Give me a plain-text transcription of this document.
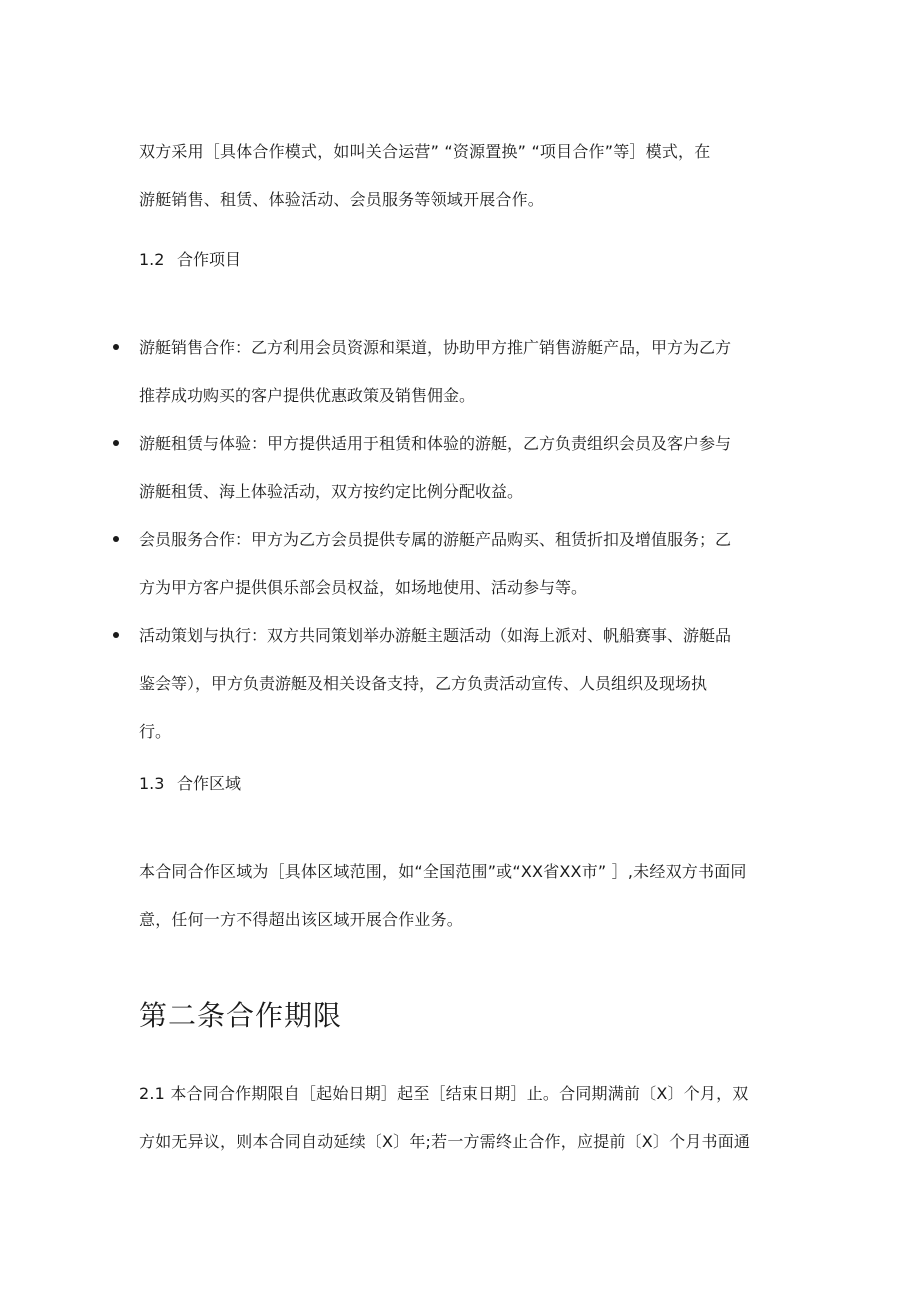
双方采用［具体合作模式，如叫关合运营” “资源置换” “项目合作”等］模式，在
游艇销售、租赁、体验活动、会员服务等领域开展合作。

1.2 合作项目

游艇销售合作：乙方利用会员资源和渠道，协助甲方推广销售游艇产品，甲方为乙方
推荐成功购买的客户提供优惠政策及销售佣金。
游艇租赁与体验：甲方提供适用于租赁和体验的游艇，乙方负责组织会员及客户参与
游艇租赁、海上体验活动，双方按约定比例分配收益。
会员服务合作：甲方为乙方会员提供专属的游艇产品购买、租赁折扣及增值服务；乙
方为甲方客户提供俱乐部会员权益，如场地使用、活动参与等。
活动策划与执行：双方共同策划举办游艇主题活动（如海上派对、帆船赛事、游艇品
鉴会等），甲方负责游艇及相关设备支持，乙方负责活动宣传、人员组织及现场执
行。

1.3 合作区域

本合同合作区域为［具体区域范围，如“全国范围”或“XX省XX市” ］,未经双方书面同
意，任何一方不得超出该区域开展合作业务。

第二条合作期限

2.1 本合同合作期限自［起始日期］起至［结束日期］止。合同期满前〔X〕个月，双
方如无异议，则本合同自动延续〔X〕年;若一方需终止合作，应提前〔X〕个月书面通
